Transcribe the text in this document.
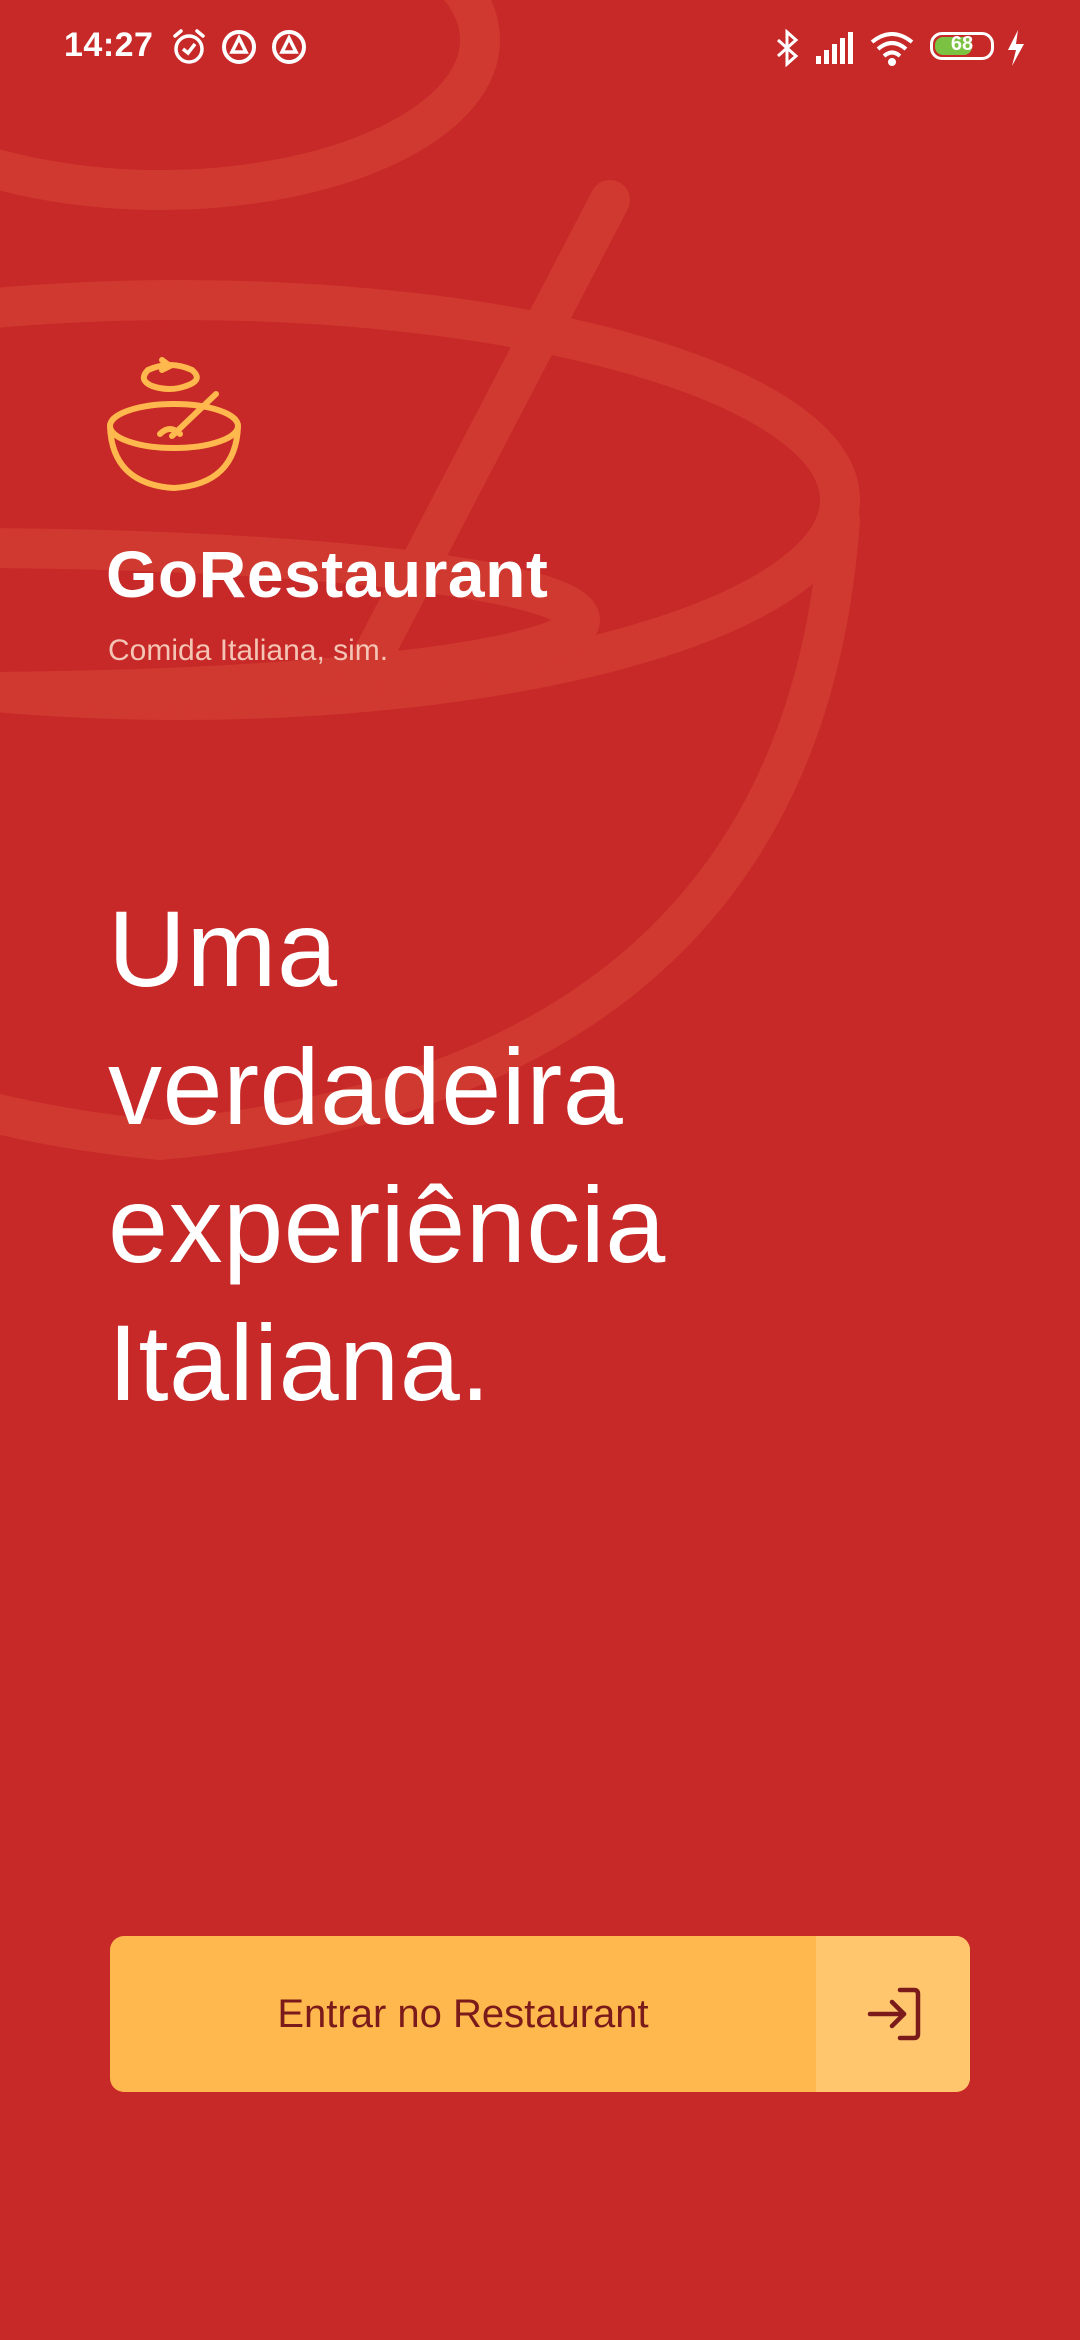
14:27	68
GoRestaurant
Comida Italiana, sim.
Uma
verdadeira
experiência
Italiana.
Entrar no Restaurant
